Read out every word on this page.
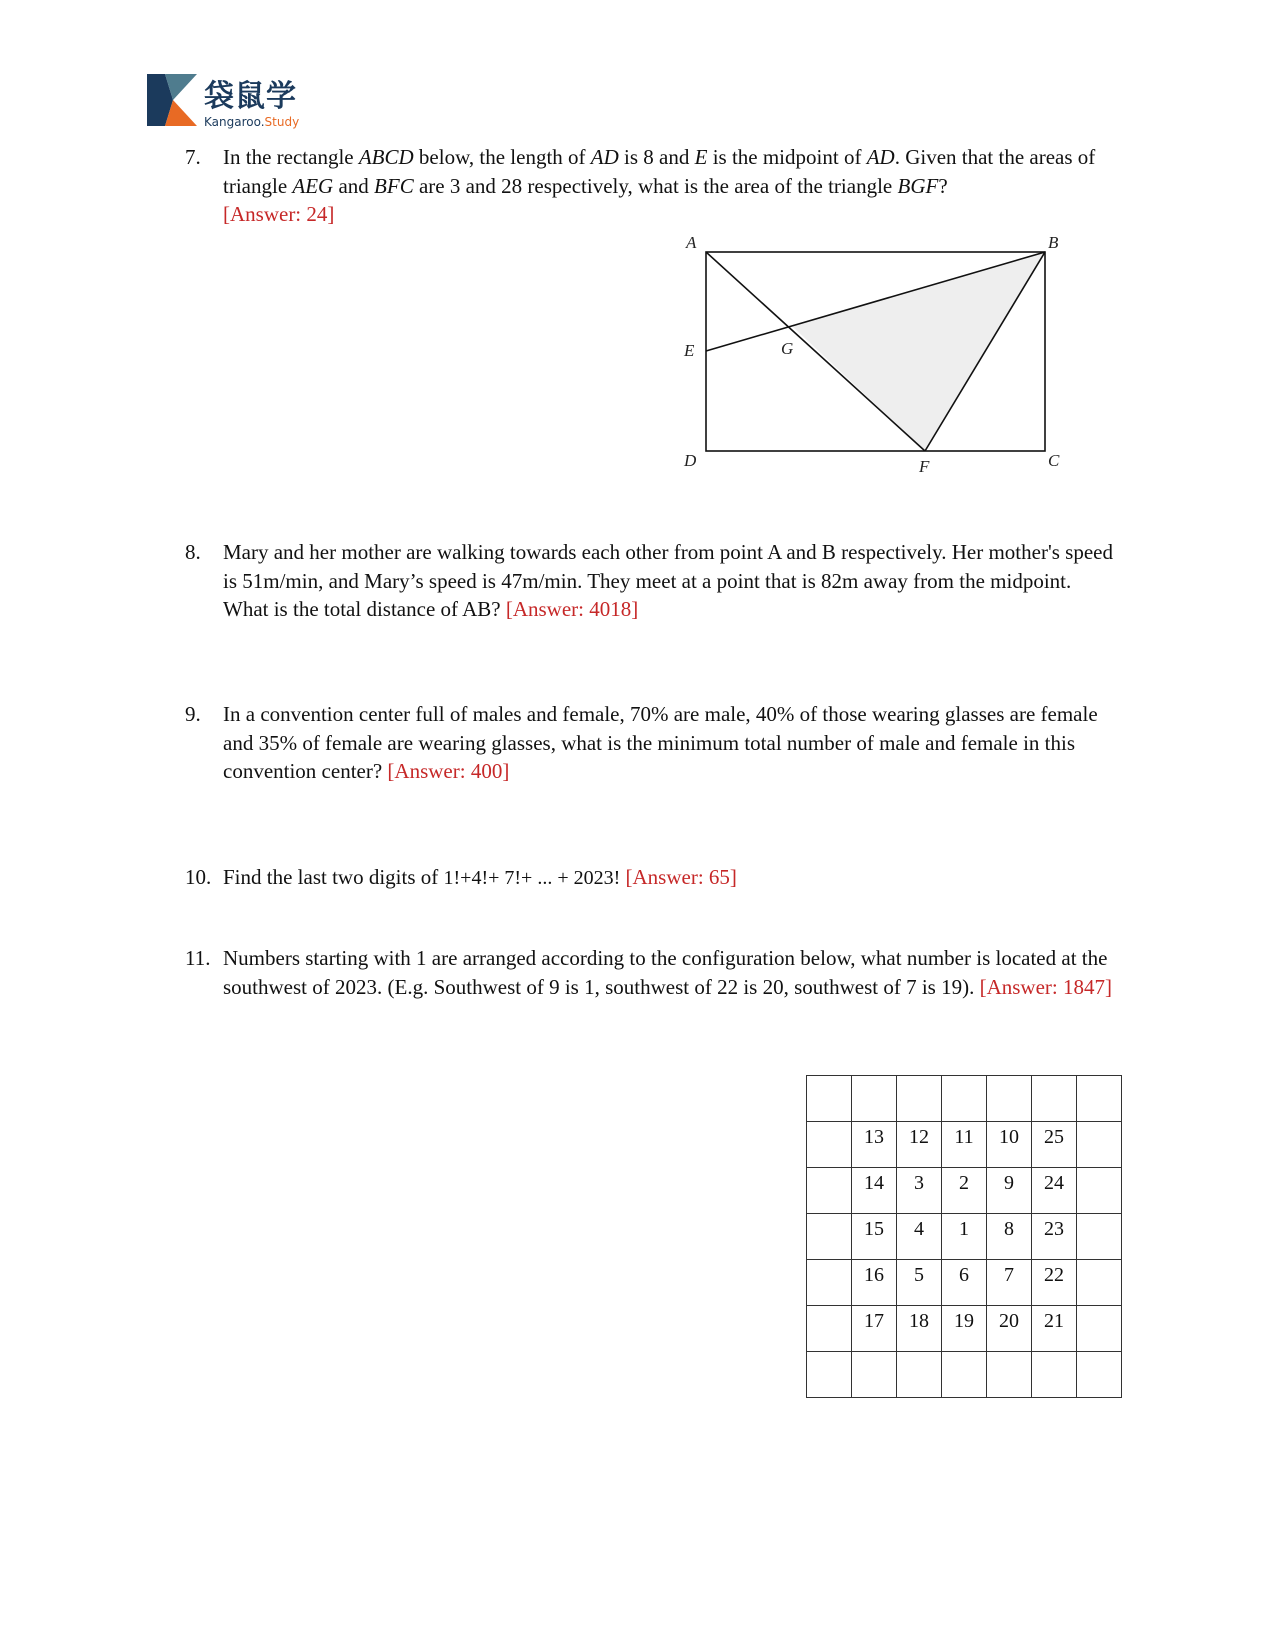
袋鼠学
Kangaroo.Study
7. In the rectangle ABCD below, the length of AD is 8 and E is the midpoint of AD. Given that the areas of triangle AEG and BFC are 3 and 28 respectively, what is the area of the triangle BGF?
[Answer: 24]
A	B
E	G
D	F	C
8. Mary and her mother are walking towards each other from point A and B respectively. Her mother's speed is 51m/min, and Mary’s speed is 47m/min. They meet at a point that is 82m away from the midpoint. What is the total distance of AB? [Answer: 4018]
9. In a convention center full of males and female, 70% are male, 40% of those wearing glasses are female and 35% of female are wearing glasses, what is the minimum total number of male and female in this convention center? [Answer: 400]
10. Find the last two digits of 1!+4!+ 7!+ ... + 2023! [Answer: 65]
11. Numbers starting with 1 are arranged according to the configuration below, what number is located at the southwest of 2023. (E.g. Southwest of 9 is 1, southwest of 22 is 20, southwest of 7 is 19). [Answer: 1847]

	13	12	11	10	25	
	14	3	2	9	24	
	15	4	1	8	23	
	16	5	6	7	22	
	17	18	19	20	21	
